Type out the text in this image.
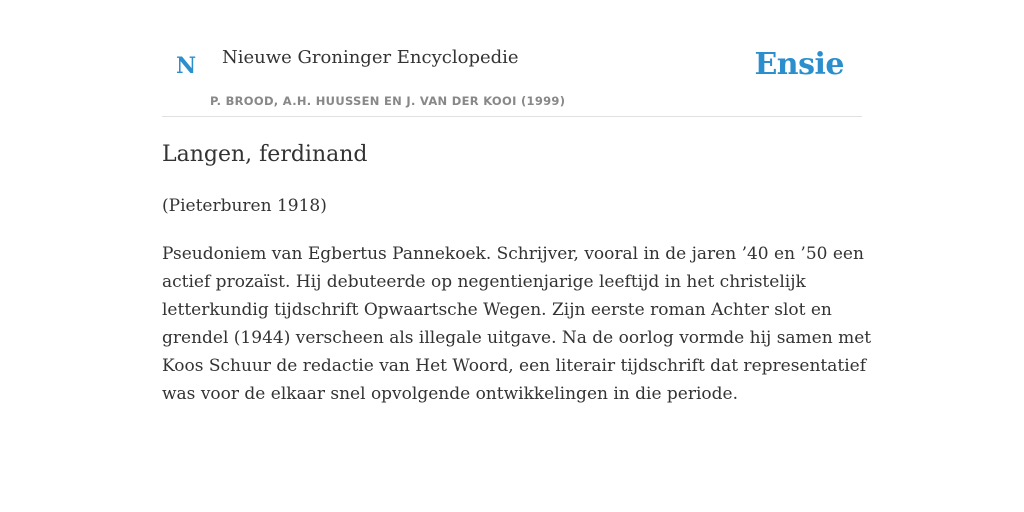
N Nieuwe Groninger Encyclopedie
P. BROOD, A.H. HUUSSEN EN J. VAN DER KOOI (1999)
Ensie
Langen, ferdinand
(Pieterburen 1918)
Pseudoniem van Egbertus Pannekoek. Schrijver, vooral in de jaren ’40 en ’50 een
actief prozaïst. Hij debuteerde op negentienjarige leeftijd in het christelijk
letterkundig tijdschrift Opwaartsche Wegen. Zijn eerste roman Achter slot en
grendel (1944) verscheen als illegale uitgave. Na de oorlog vormde hij samen met
Koos Schuur de redactie van Het Woord, een literair tijdschrift dat representatief
was voor de elkaar snel opvolgende ontwikkelingen in die periode.
